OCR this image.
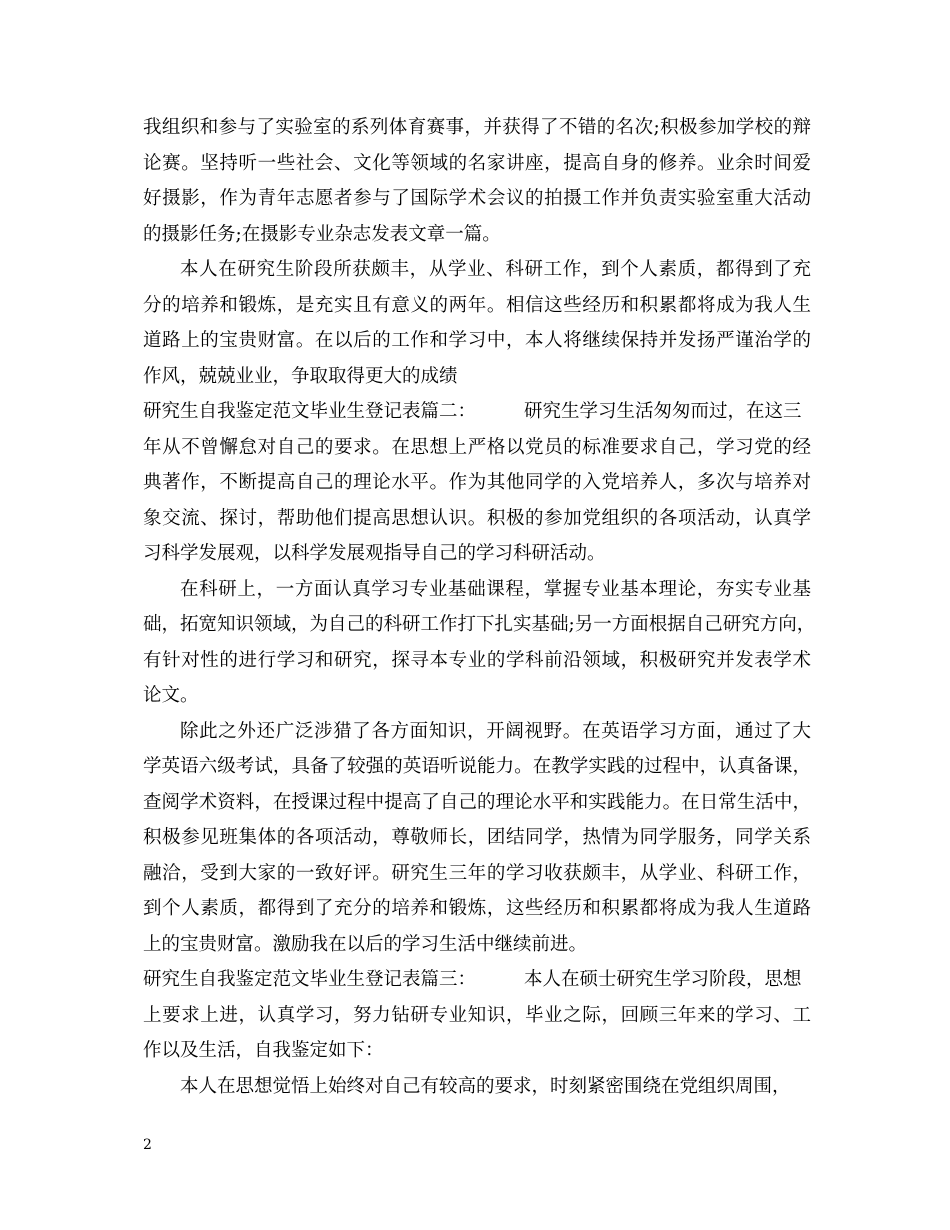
我组织和参与了实验室的系列体育赛事，并获得了不错的名次;积极参加学校的辩
论赛。坚持听一些社会、文化等领域的名家讲座，提高自身的修养。业余时间爱
好摄影，作为青年志愿者参与了国际学术会议的拍摄工作并负责实验室重大活动
的摄影任务;在摄影专业杂志发表文章一篇。
本人在研究生阶段所获颇丰，从学业、科研工作，到个人素质，都得到了充
分的培养和锻炼，是充实且有意义的两年。相信这些经历和积累都将成为我人生
道路上的宝贵财富。在以后的工作和学习中，本人将继续保持并发扬严谨治学的
作风，兢兢业业，争取取得更大的成绩
研究生自我鉴定范文毕业生登记表篇二：	研究生学习生活匆匆而过，在这三
年从不曾懈怠对自己的要求。在思想上严格以党员的标准要求自己，学习党的经
典著作，不断提高自己的理论水平。作为其他同学的入党培养人，多次与培养对
象交流、探讨，帮助他们提高思想认识。积极的参加党组织的各项活动，认真学
习科学发展观，以科学发展观指导自己的学习科研活动。
在科研上，一方面认真学习专业基础课程，掌握专业基本理论，夯实专业基
础，拓宽知识领域，为自己的科研工作打下扎实基础;另一方面根据自己研究方向，
有针对性的进行学习和研究，探寻本专业的学科前沿领域，积极研究并发表学术
论文。
除此之外还广泛涉猎了各方面知识，开阔视野。在英语学习方面，通过了大
学英语六级考试，具备了较强的英语听说能力。在教学实践的过程中，认真备课，
查阅学术资料，在授课过程中提高了自己的理论水平和实践能力。在日常生活中，
积极参见班集体的各项活动，尊敬师长，团结同学，热情为同学服务，同学关系
融洽，受到大家的一致好评。研究生三年的学习收获颇丰，从学业、科研工作，
到个人素质，都得到了充分的培养和锻炼，这些经历和积累都将成为我人生道路
上的宝贵财富。激励我在以后的学习生活中继续前进。
研究生自我鉴定范文毕业生登记表篇三：	本人在硕士研究生学习阶段，思想
上要求上进，认真学习，努力钻研专业知识，毕业之际，回顾三年来的学习、工
作以及生活，自我鉴定如下：
本人在思想觉悟上始终对自己有较高的要求，时刻紧密围绕在党组织周围，
2
